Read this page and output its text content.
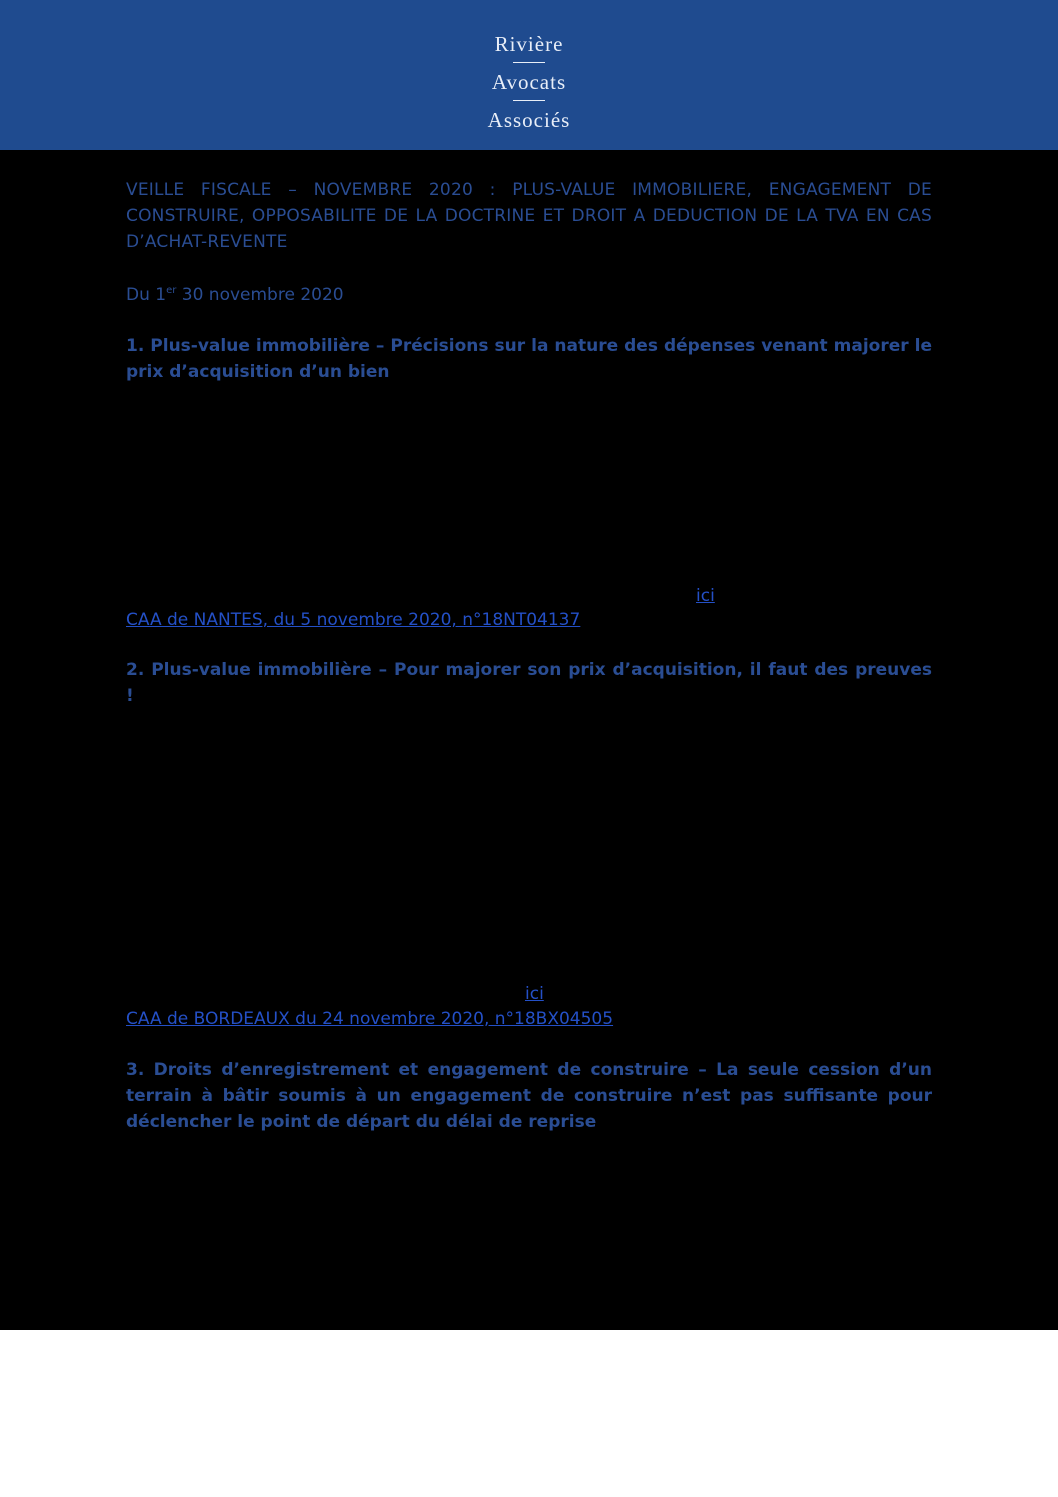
Rivière
Avocats
Associés
VEILLE FISCALE – NOVEMBRE 2020 : PLUS-VALUE IMMOBILIERE, ENGAGEMENT DE CONSTRUIRE, OPPOSABILITE DE LA DOCTRINE ET DROIT A DEDUCTION DE LA TVA EN CAS D’ACHAT-REVENTE
Du 1er 30 novembre 2020
1. Plus-value immobilière – Précisions sur la nature des dépenses venant majorer le prix d’acquisition d’un bien
ici
CAA de NANTES, du 5 novembre 2020, n°18NT04137
2. Plus-value immobilière – Pour majorer son prix d’acquisition, il faut des preuves !
ici
CAA de BORDEAUX du 24 novembre 2020, n°18BX04505
3. Droits d’enregistrement et engagement de construire – La seule cession d’un terrain à bâtir soumis à un engagement de construire n’est pas suffisante pour déclencher le point de départ du délai de reprise
